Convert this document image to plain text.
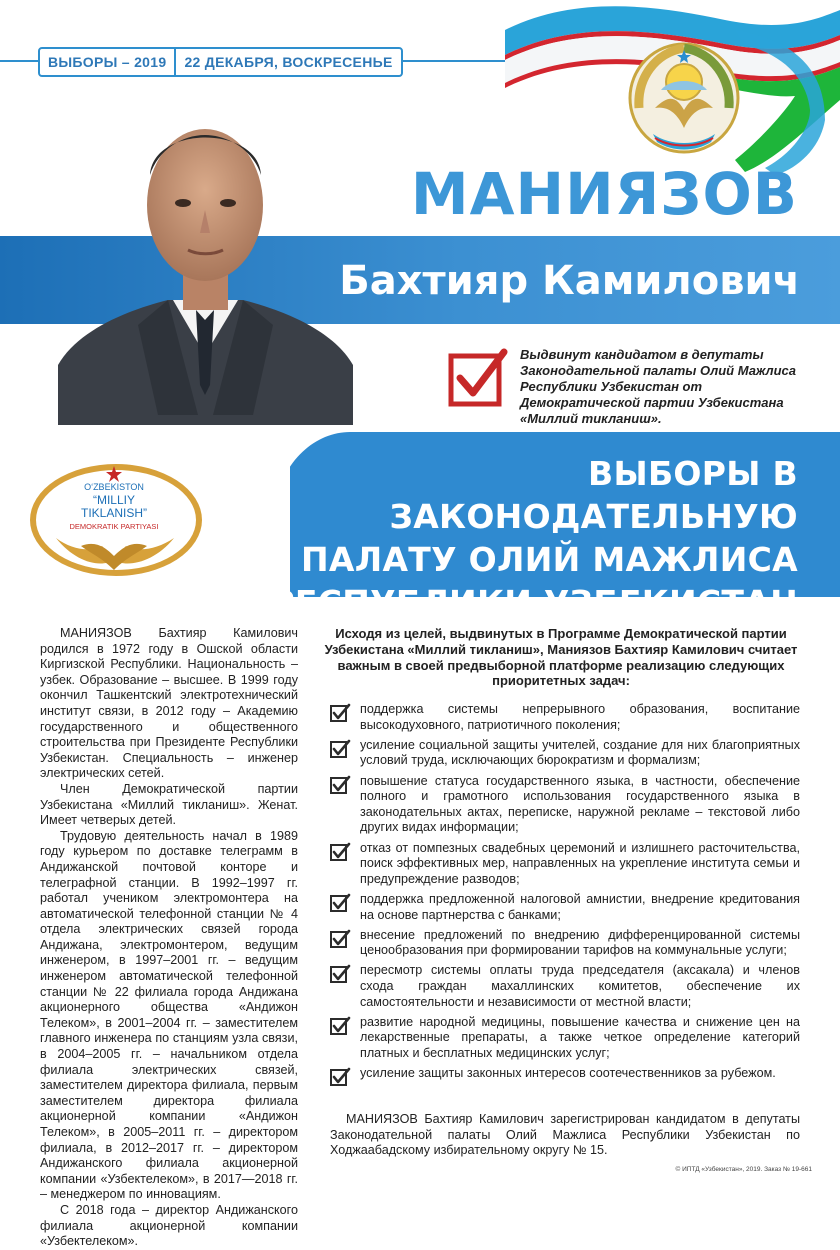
ВЫБОРЫ – 2019	22 ДЕКАБРЯ, ВОСКРЕСЕНЬЕ
МАНИЯЗОВ
Бахтияр Камилович
Выдвинут кандидатом в депутаты Законодательной палаты Олий Мажлиса Республики Узбекистан от Демократической партии Узбекистана «Миллий тикланиш».
ВЫБОРЫ В ЗАКОНОДАТЕЛЬНУЮ
ПАЛАТУ ОЛИЙ МАЖЛИСА
O‘ZBEKISTON
“MILLIY
TIKLANISH”
DEMOKRATIK PARTIYASI

МАНИЯЗОВ Бахтияр Камилович родился в 1972 году в Ошской области Киргизской Республики. Национальность – узбек. Образование – высшее. В 1999 году окончил Ташкентский электротехнический институт связи, в 2012 году – Академию государственного и общественного строительства при Президенте Республики Узбекистан. Специальность – инженер электрических сетей.

Член Демократической партии Узбекистана «Миллий тикланиш». Женат. Имеет четверых детей.

Трудовую деятельность начал в 1989 году курьером по доставке телеграмм в Андижанской почтовой конторе и телеграфной станции. В 1992–1997 гг. работал учеником электромонтера на автоматической телефонной станции № 4 отдела электрических связей города Андижана, электромонтером, ведущим инженером, в 1997–2001 гг. – ведущим инженером автоматической телефонной станции № 22 филиала города Андижана акционерного общества «Андижон Телеком», в 2001–2004 гг. – заместителем главного инженера по станциям узла связи, в 2004–2005 гг. – начальником отдела филиала электрических связей, заместителем директора филиала, первым заместителем директора филиала акционерной компании «Андижон Телеком», в 2005–2011 гг. – директором филиала, в 2012–2017 гг. – директором Андижанского филиала акционерной компании «Узбектелеком», в 2017—2018 гг. – менеджером по инновациям.

С 2018 года – директор Андижанского филиала акционерной компании «Узбектелеком».

Исходя из целей, выдвинутых в Программе Демократической партии Узбекистана «Миллий тикланиш», Маниязов Бахтияр Камилович считает важным в своей предвыборной платформе реализацию следующих приоритетных задач:
поддержка системы непрерывного образования, воспитание высокодуховного, патриотичного поколения;
усиление социальной защиты учителей, создание для них благоприятных условий труда, исключающих бюрократизм и формализм;
повышение статуса государственного языка, в частности, обеспечение полного и грамотного использования государственного языка в законодательных актах, переписке, наружной рекламе – текстовой либо других видах информации;
отказ от помпезных свадебных церемоний и излишнего расточительства, поиск эффективных мер, направленных на укрепление института семьи и предупреждение разводов;
поддержка предложенной налоговой амнистии, внедрение кредитования на основе партнерства с банками;
внесение предложений по внедрению дифференцированной системы ценообразования при формировании тарифов на коммунальные услуги;
пересмотр системы оплаты труда председателя (аксакала) и членов схода граждан махаллинских комитетов, обеспечение их самостоятельности и независимости от местной власти;
развитие народной медицины, повышение качества и снижение цен на лекарственные препараты, а также четкое определение категорий платных и бесплатных медицинских услуг;
усиление защиты законных интересов соотечественников за рубежом.
МАНИЯЗОВ Бахтияр Камилович зарегистрирован кандидатом в депутаты Законодательной палаты Олий Мажлиса Республики Узбекистан по Ходжаабадскому избирательному округу № 15.
© ИПТД «Узбекистан», 2019. Заказ № 19-661
